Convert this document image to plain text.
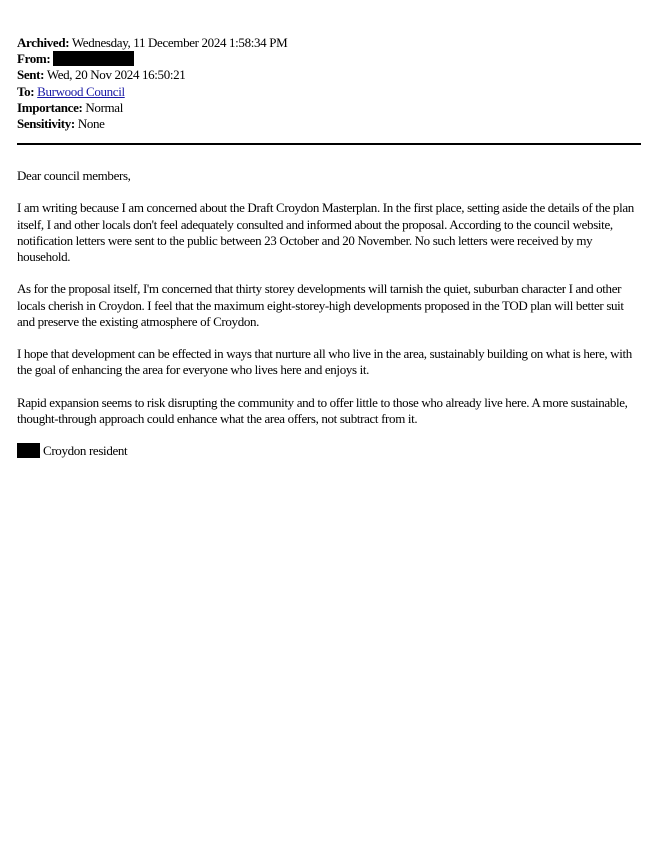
Archived: Wednesday, 11 December 2024 1:58:34 PM
From:
Sent: Wed, 20 Nov 2024 16:50:21
To: Burwood Council
Importance: Normal
Sensitivity: None

Dear council members,

I am writing because I am concerned about the Draft Croydon Masterplan. In the first place, setting aside the details of the plan itself, I and other locals don't feel adequately consulted and informed about the proposal. According to the council website, notification letters were sent to the public between 23 October and 20 November. No such letters were received by my household.

As for the proposal itself, I'm concerned that thirty storey developments will tarnish the quiet, suburban character I and other locals cherish in Croydon. I feel that the maximum eight-storey-high developments proposed in the TOD plan will better suit and preserve the existing atmosphere of Croydon.

I hope that development can be effected in ways that nurture all who live in the area, sustainably building on what is here, with the goal of enhancing the area for everyone who lives here and enjoys it.

Rapid expansion seems to risk disrupting the community and to offer little to those who already live here. A more sustainable, thought-through approach could enhance what the area offers, not subtract from it.

Croydon resident
